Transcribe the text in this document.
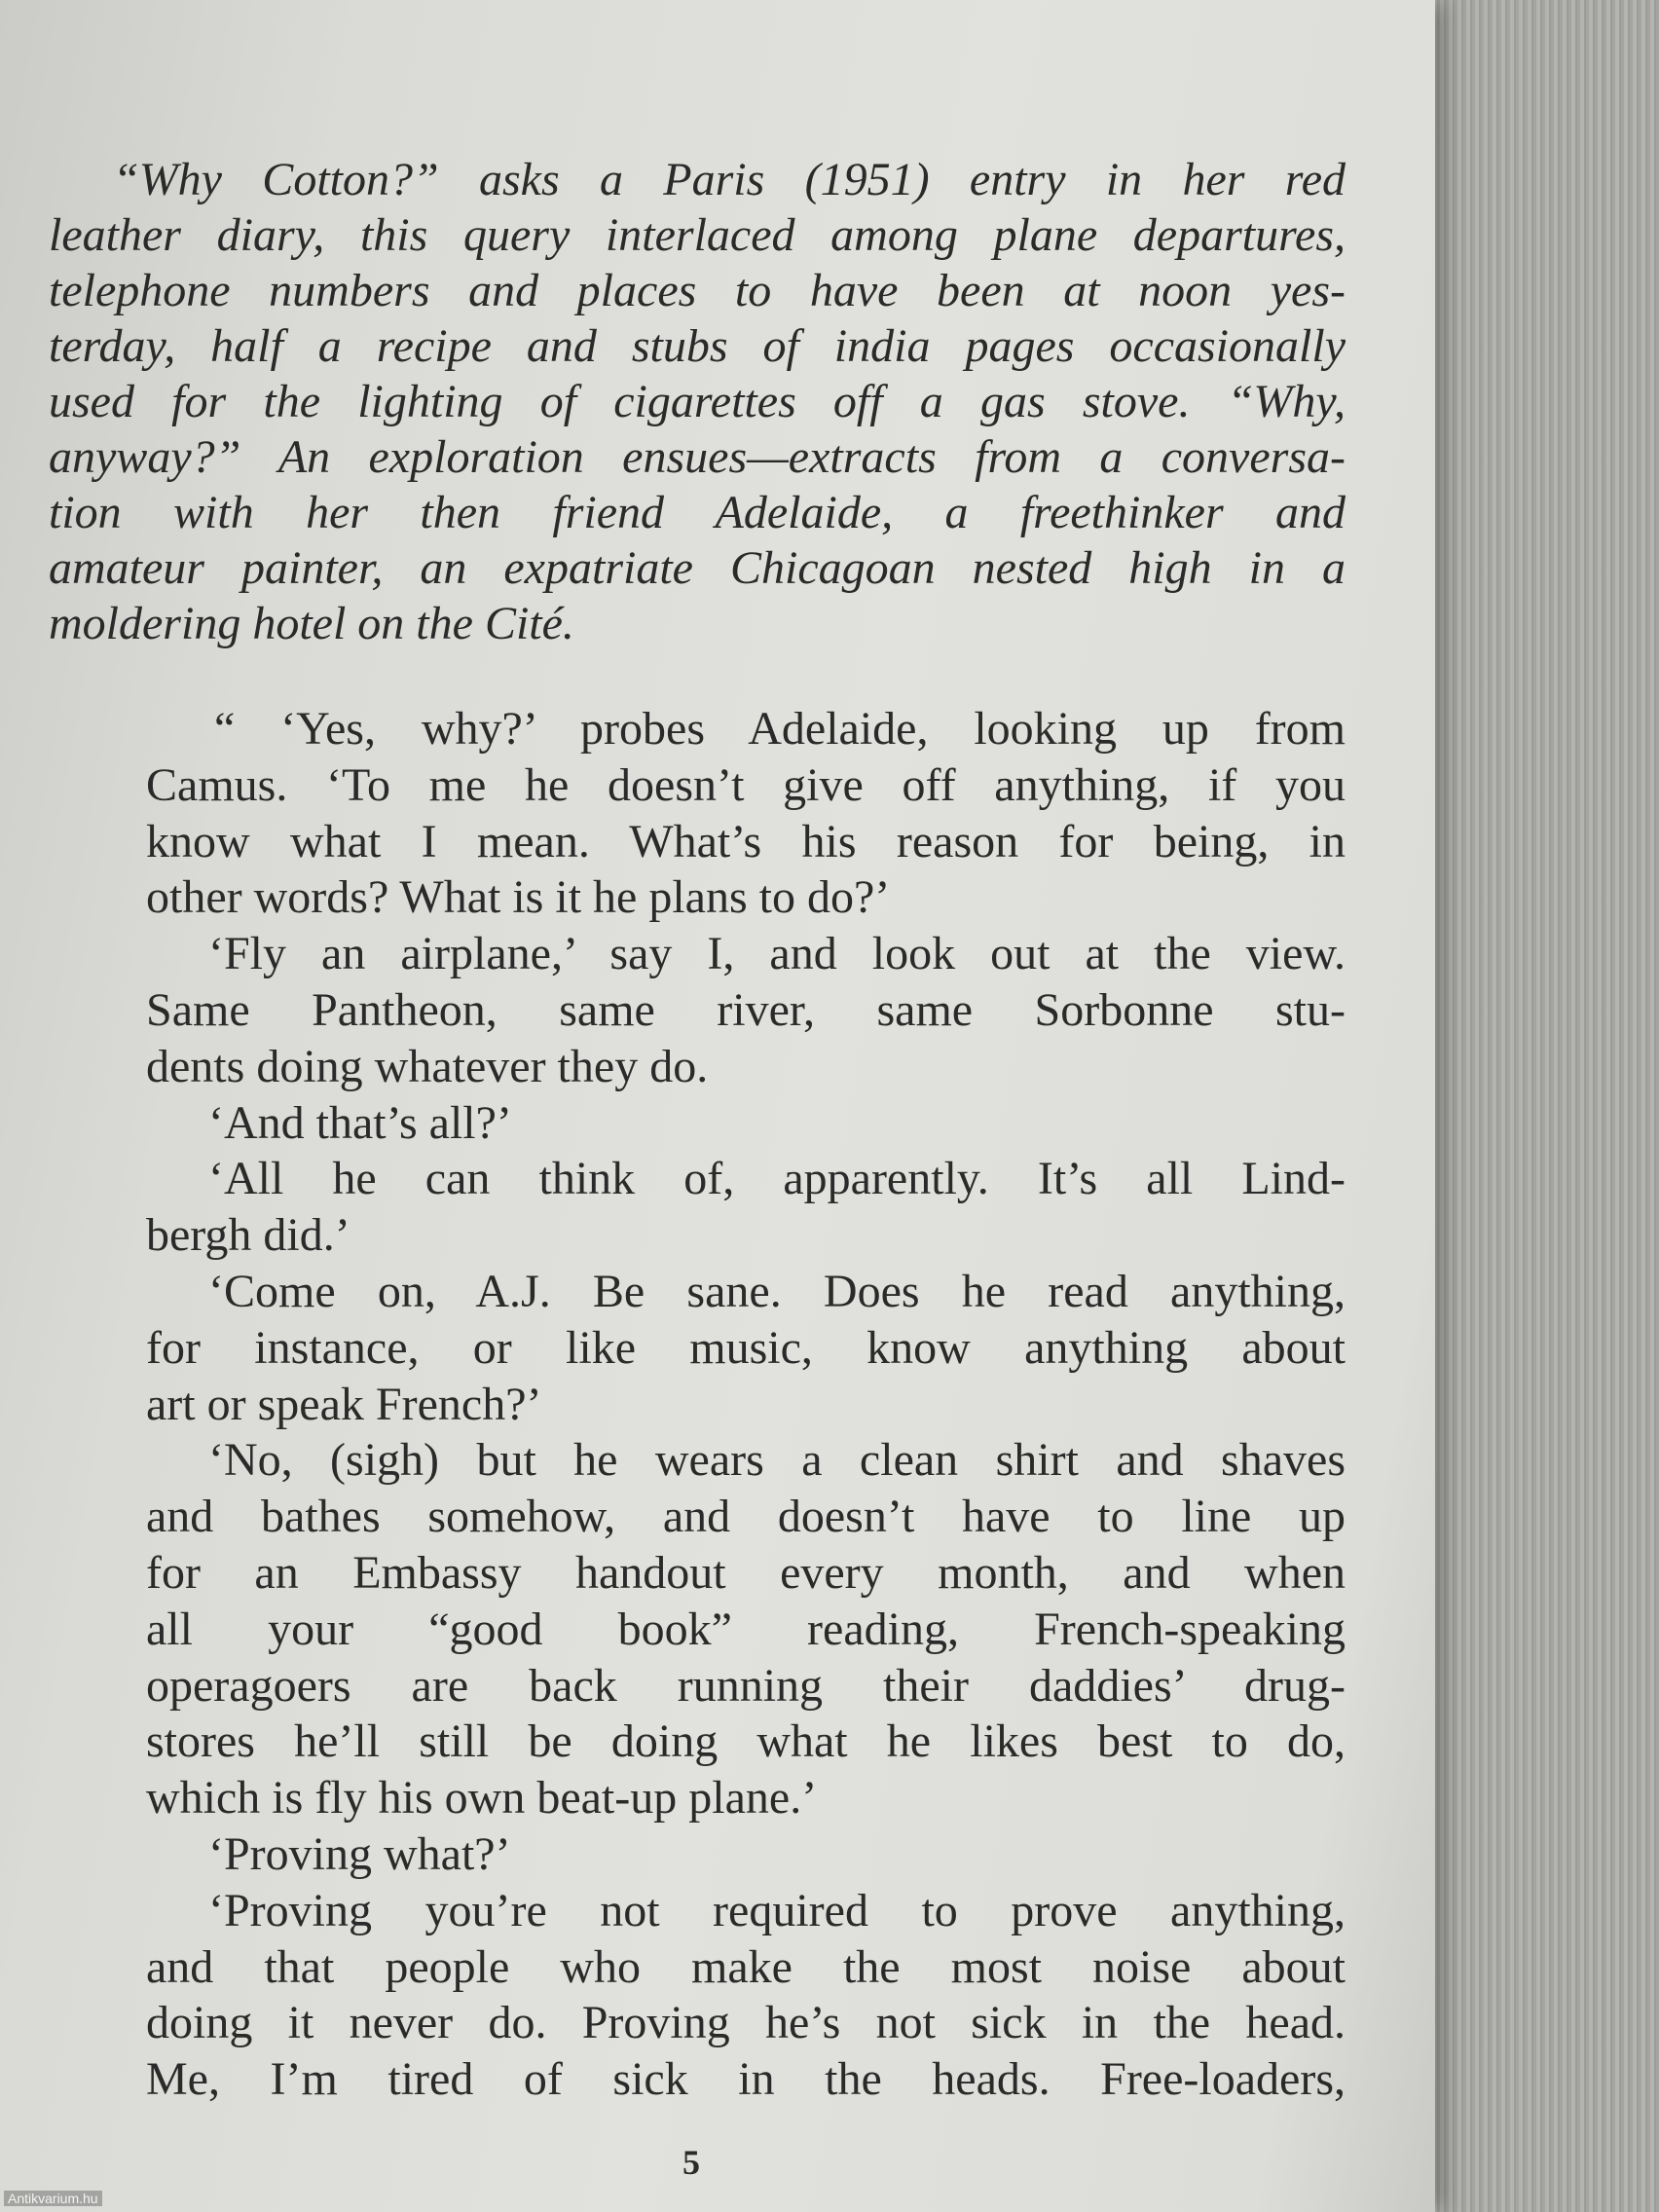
“Why Cotton?” asks a Paris (1951) entry in her red
leather diary, this query interlaced among plane departures,
telephone numbers and places to have been at noon yes-
terday, half a recipe and stubs of india pages occasionally
used for the lighting of cigarettes off a gas stove. “Why,
anyway?” An exploration ensues—extracts from a conversa-
tion with her then friend Adelaide, a freethinker and
amateur painter, an expatriate Chicagoan nested high in a
moldering hotel on the Cité.
“ ‘Yes, why?’ probes Adelaide, looking up from
Camus. ‘To me he doesn’t give off anything, if you
know what I mean. What’s his reason for being, in
other words? What is it he plans to do?’
‘Fly an airplane,’ say I, and look out at the view.
Same Pantheon, same river, same Sorbonne stu-
dents doing whatever they do.
‘And that’s all?’
‘All he can think of, apparently. It’s all Lind-
bergh did.’
‘Come on, A.J. Be sane. Does he read anything,
for instance, or like music, know anything about
art or speak French?’
‘No, (sigh) but he wears a clean shirt and shaves
and bathes somehow, and doesn’t have to line up
for an Embassy handout every month, and when
all your “good book” reading, French-speaking
operagoers are back running their daddies’ drug-
stores he’ll still be doing what he likes best to do,
which is fly his own beat-up plane.’
‘Proving what?’
‘Proving you’re not required to prove anything,
and that people who make the most noise about
doing it never do. Proving he’s not sick in the head.
Me, I’m tired of sick in the heads. Free-loaders,
5
Antikvarium.hu
